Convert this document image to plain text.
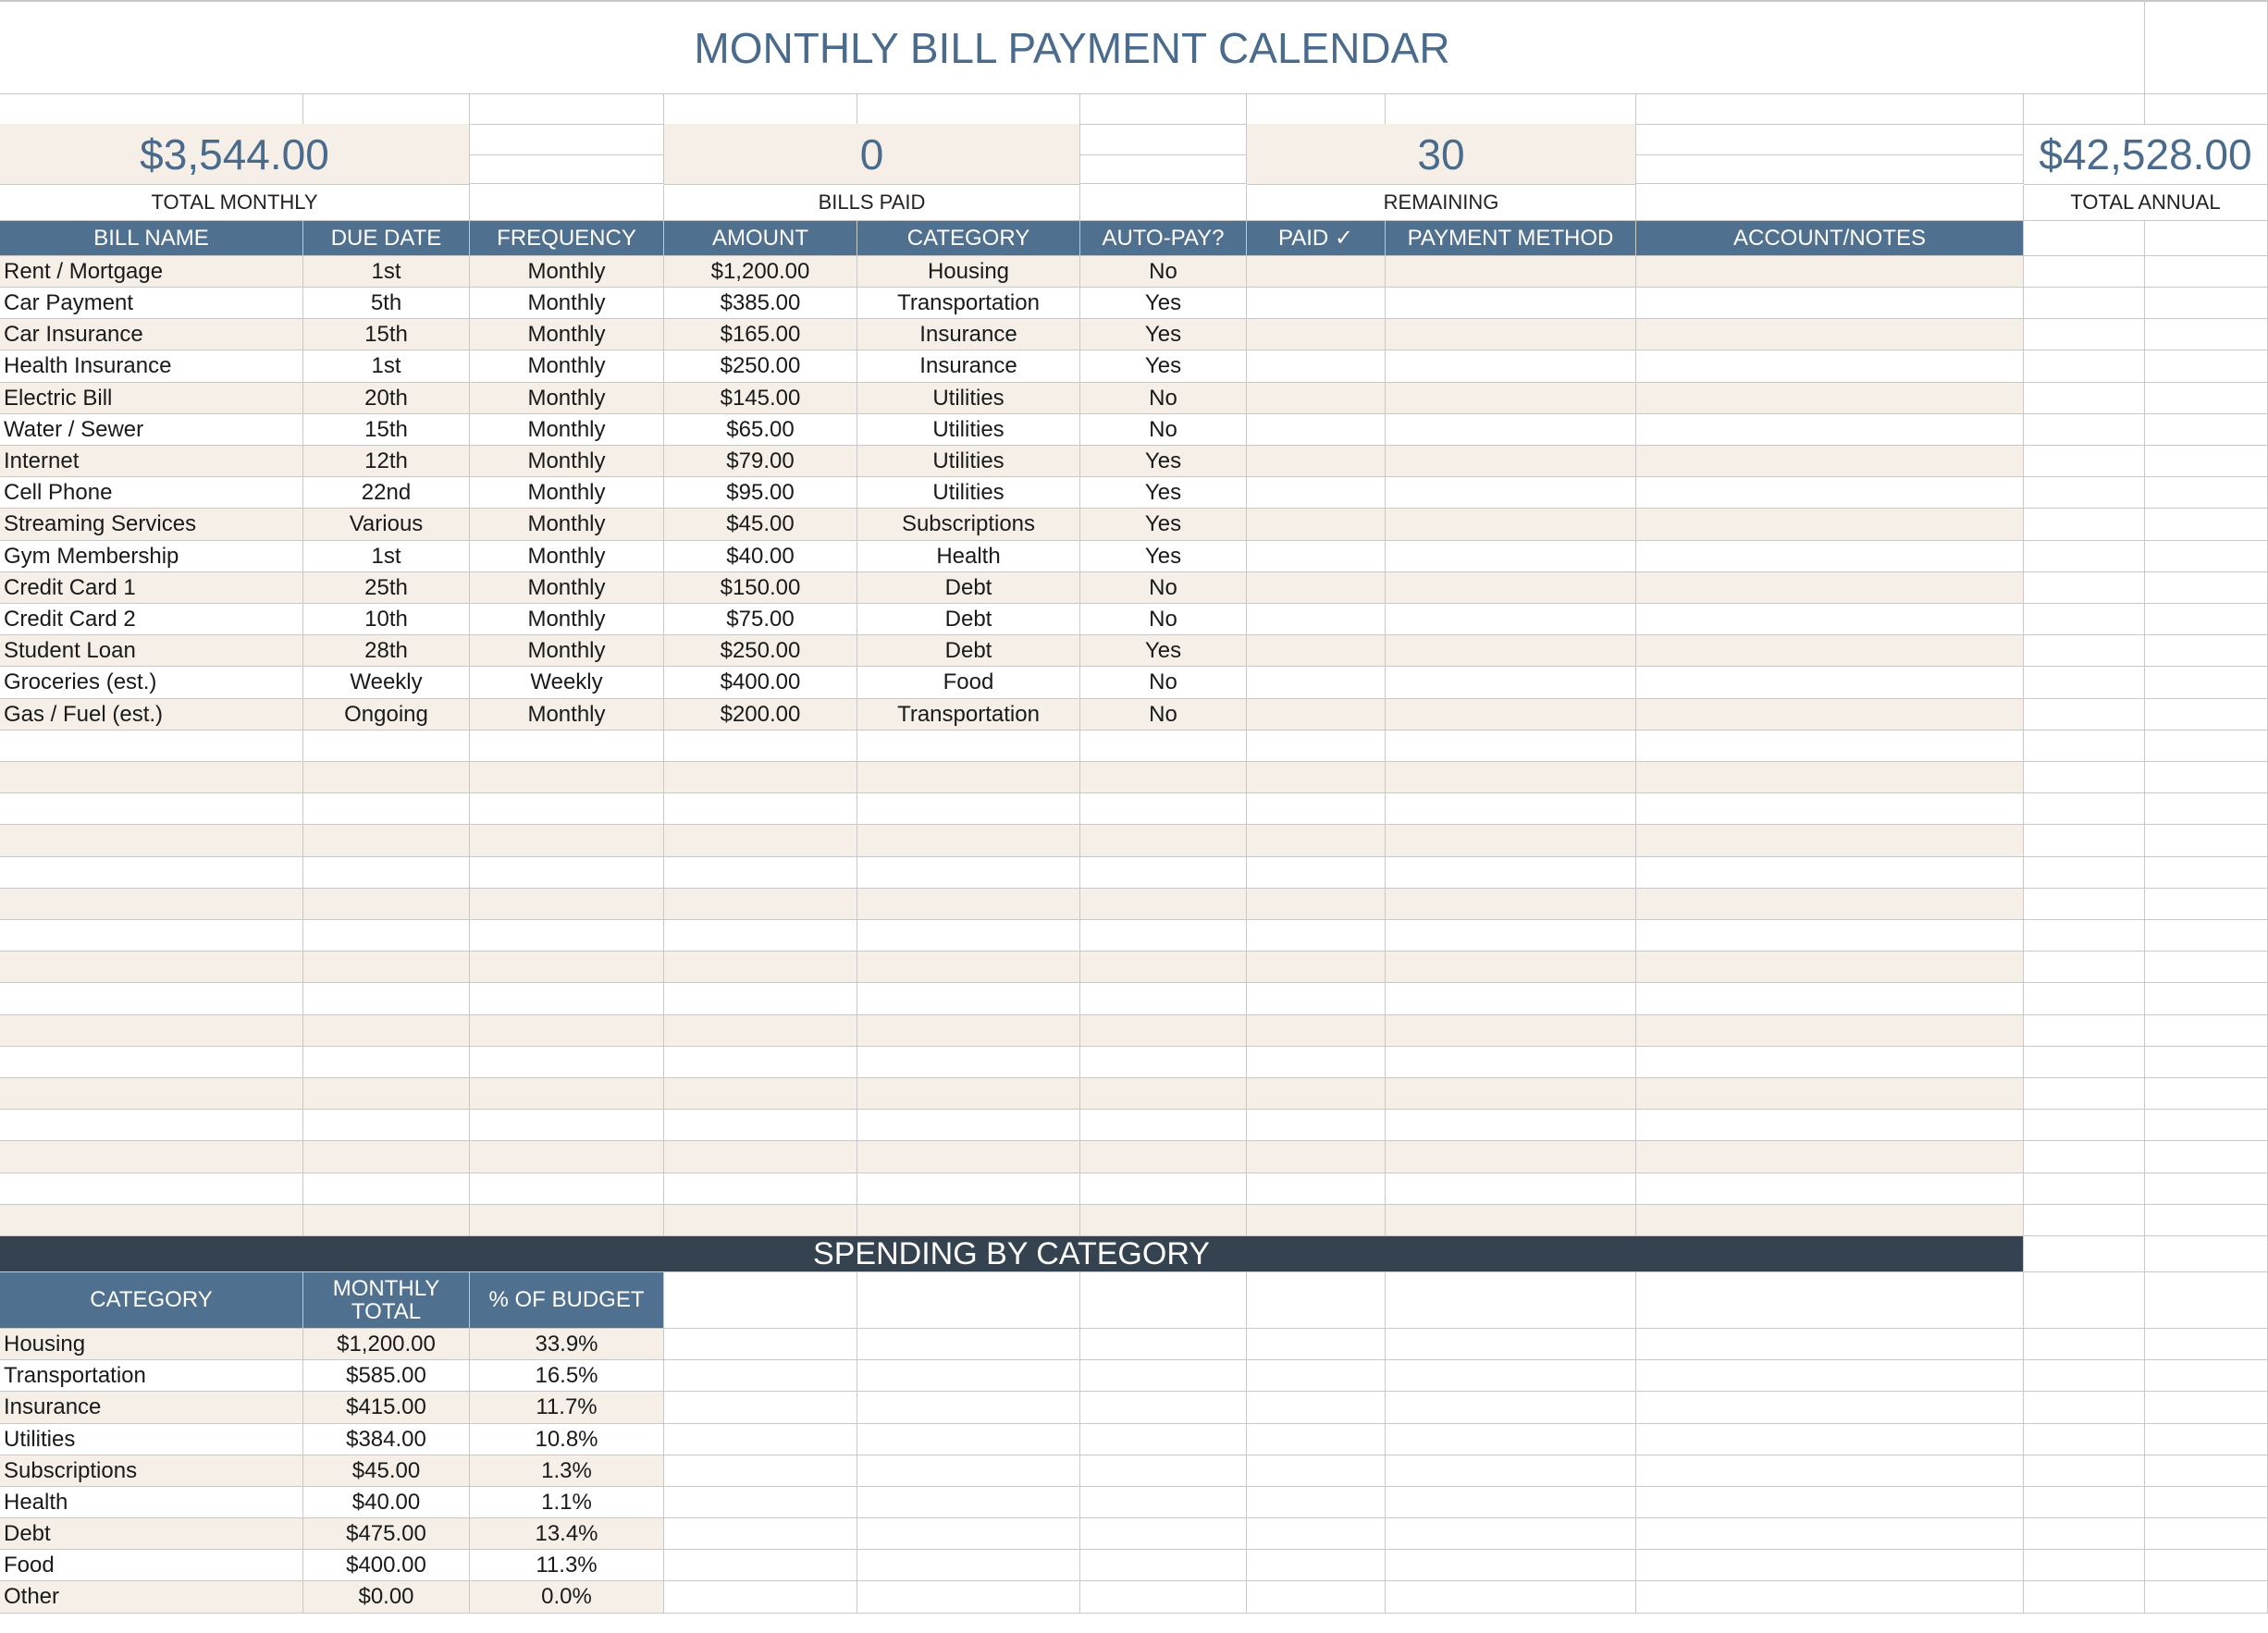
MONTHLY BILL PAYMENT CALENDAR
$3,544.00
TOTAL MONTHLY
0
BILLS PAID
30
REMAINING
$42,528.00
TOTAL ANNUAL
BILL NAME	DUE DATE	FREQUENCY	AMOUNT	CATEGORY	AUTO-PAY?	PAID ✓	PAYMENT METHOD	ACCOUNT/NOTES
Rent / Mortgage	1st	Monthly	$1,200.00	Housing	No
Car Payment	5th	Monthly	$385.00	Transportation	Yes
Car Insurance	15th	Monthly	$165.00	Insurance	Yes
Health Insurance	1st	Monthly	$250.00	Insurance	Yes
Electric Bill	20th	Monthly	$145.00	Utilities	No
Water / Sewer	15th	Monthly	$65.00	Utilities	No
Internet	12th	Monthly	$79.00	Utilities	Yes
Cell Phone	22nd	Monthly	$95.00	Utilities	Yes
Streaming Services	Various	Monthly	$45.00	Subscriptions	Yes
Gym Membership	1st	Monthly	$40.00	Health	Yes
Credit Card 1	25th	Monthly	$150.00	Debt	No
Credit Card 2	10th	Monthly	$75.00	Debt	No
Student Loan	28th	Monthly	$250.00	Debt	Yes
Groceries (est.)	Weekly	Weekly	$400.00	Food	No
Gas / Fuel (est.)	Ongoing	Monthly	$200.00	Transportation	No
SPENDING BY CATEGORY
CATEGORY	MONTHLY TOTAL	% OF BUDGET
Housing	$1,200.00	33.9%
Transportation	$585.00	16.5%
Insurance	$415.00	11.7%
Utilities	$384.00	10.8%
Subscriptions	$45.00	1.3%
Health	$40.00	1.1%
Debt	$475.00	13.4%
Food	$400.00	11.3%
Other	$0.00	0.0%
